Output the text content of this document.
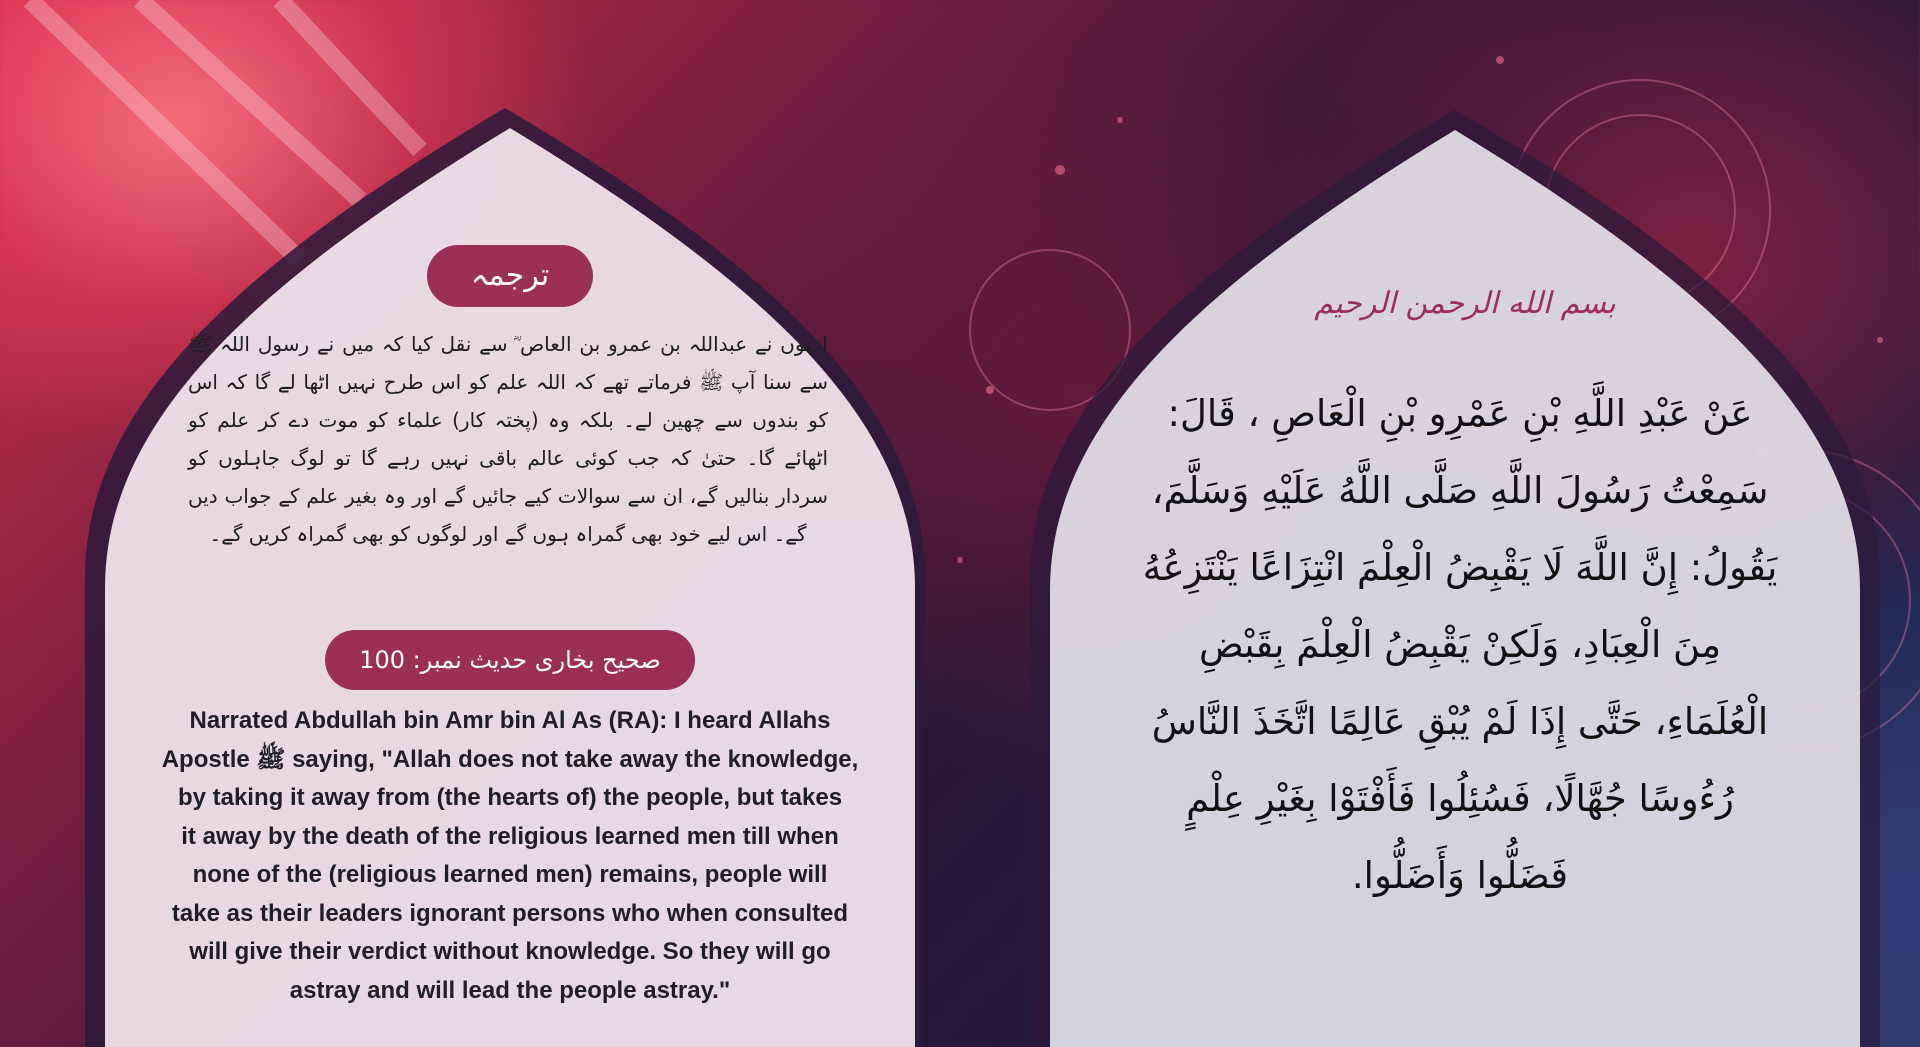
ترجمہ
انہوں نے عبداللہ بن عمرو بن العاص ؓ سے نقل کیا کہ میں نے رسول اللہ ﷺ سے سنا آپ ﷺ فرماتے تھے کہ اللہ علم کو اس طرح نہیں اٹھا لے گا کہ اس کو بندوں سے چھین لے۔ بلکہ وہ (پختہ کار) علماء کو موت دے کر علم کو اٹھائے گا۔ حتیٰ کہ جب کوئی عالم باقی نہیں رہے گا تو لوگ جاہلوں کو سردار بنالیں گے، ان سے سوالات کیے جائیں گے اور وہ بغیر علم کے جواب دیں گے۔ اس لیے خود بھی گمراہ ہوں گے اور لوگوں کو بھی گمراہ کریں گے۔
صحیح بخاری حدیث نمبر: 100
Narrated Abdullah bin Amr bin Al As (RA): I heard Allahs
Apostle ﷺ saying, "Allah does not take away the knowledge,
by taking it away from (the hearts of) the people, but takes
it away by the death of the religious learned men till when
none of the (religious learned men) remains, people will
take as their leaders ignorant persons who when consulted
will give their verdict without knowledge. So they will go
astray and will lead the people astray."
بسم الله الرحمن الرحيم
عَنْ عَبْدِ اللَّهِ بْنِ عَمْرِو بْنِ الْعَاصِ ، قَالَ:
سَمِعْتُ رَسُولَ اللَّهِ صَلَّى اللَّهُ عَلَيْهِ وَسَلَّمَ،
يَقُولُ: إِنَّ اللَّهَ لَا يَقْبِضُ الْعِلْمَ انْتِزَاعًا يَنْتَزِعُهُ
مِنَ الْعِبَادِ، وَلَكِنْ يَقْبِضُ الْعِلْمَ بِقَبْضِ
الْعُلَمَاءِ، حَتَّى إِذَا لَمْ يُبْقِ عَالِمًا اتَّخَذَ النَّاسُ
رُءُوسًا جُهَّالًا، فَسُئِلُوا فَأَفْتَوْا بِغَيْرِ عِلْمٍ
فَضَلُّوا وَأَضَلُّوا.
